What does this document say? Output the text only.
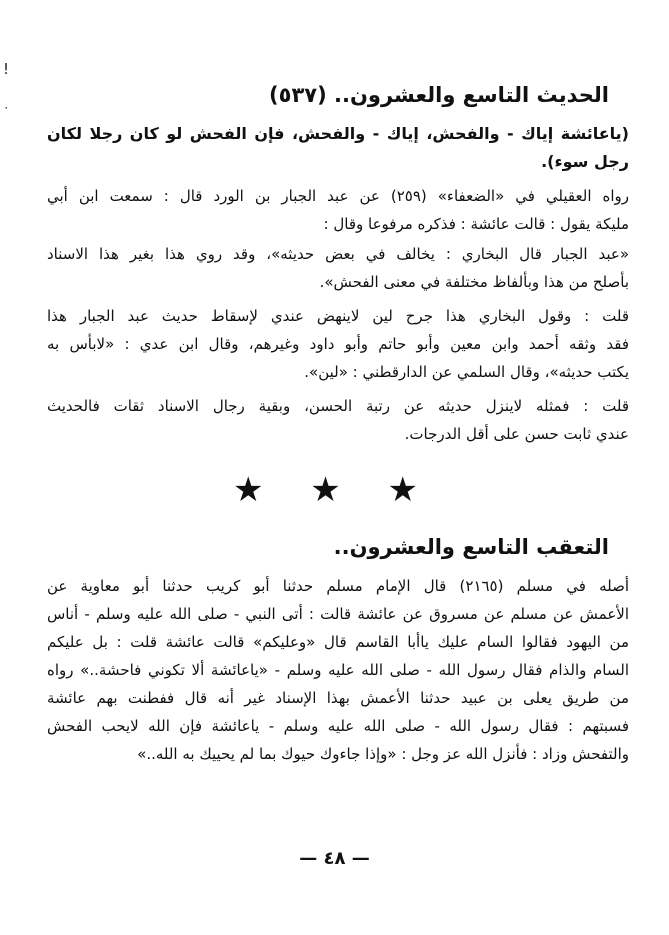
!
٠	الحديث التاسع والعشرون.. (٥٣٧)
(ياعائشة إياك - والفحش، إياك - والفحش، فإن الفحش لو كان رجلا لكان
رجل سوء).
رواه العقيلي في «الضعفاء» (٢٥٩) عن عبد الجبار بن الورد قال : سمعت ابن أبي
مليكة يقول : قالت عائشة : فذكره مرفوعا وقال :
«عبد الجبار قال البخاري : يخالف في بعض حديثه»، وقد روي هذا بغير هذا الاسناد
بأصلح من هذا وبألفاظ مختلفة في معنى الفحش».
قلت : وقول البخاري هذا جرح لين لاينهض عندي لإسقاط حديث عبد الجبار هذا
فقد وثقه أحمد وابن معين وأبو حاتم وأبو داود وغيرهم، وقال ابن عدي : «لابأس به
يكتب حديثه»، وقال السلمي عن الدارقطني : «لين».
قلت : فمثله لاينزل حديثه عن رتبة الحسن، وبقية رجال الاسناد ثقات فالحديث
عندي ثابت حسن على أقل الدرجات.
★ ★ ★
التعقب التاسع والعشرون..
أصله في مسلم (٢١٦٥) قال الإمام مسلم حدثنا أبو كريب حدثنا أبو معاوية عن
الأعمش عن مسلم عن مسروق عن عائشة قالت : أتى النبي - صلى الله عليه وسلم - أناس
من اليهود فقالوا السام عليك ياأبا القاسم قال «وعليكم» قالت عائشة قلت : بل عليكم
السام والذام فقال رسول الله - صلى الله عليه وسلم - «ياعائشة ألا تكوني فاحشة..» رواه
من طريق يعلى بن عبيد حدثنا الأعمش بهذا الإسناد غير أنه قال ففطنت بهم عائشة
فسبتهم : فقال رسول الله - صلى الله عليه وسلم - ياعائشة فإن الله لايحب الفحش
والتفحش وزاد : فأنزل الله عز وجل : «وإذا جاءوك حيوك بما لم يحييك به الله..»
— ٤٨ —
